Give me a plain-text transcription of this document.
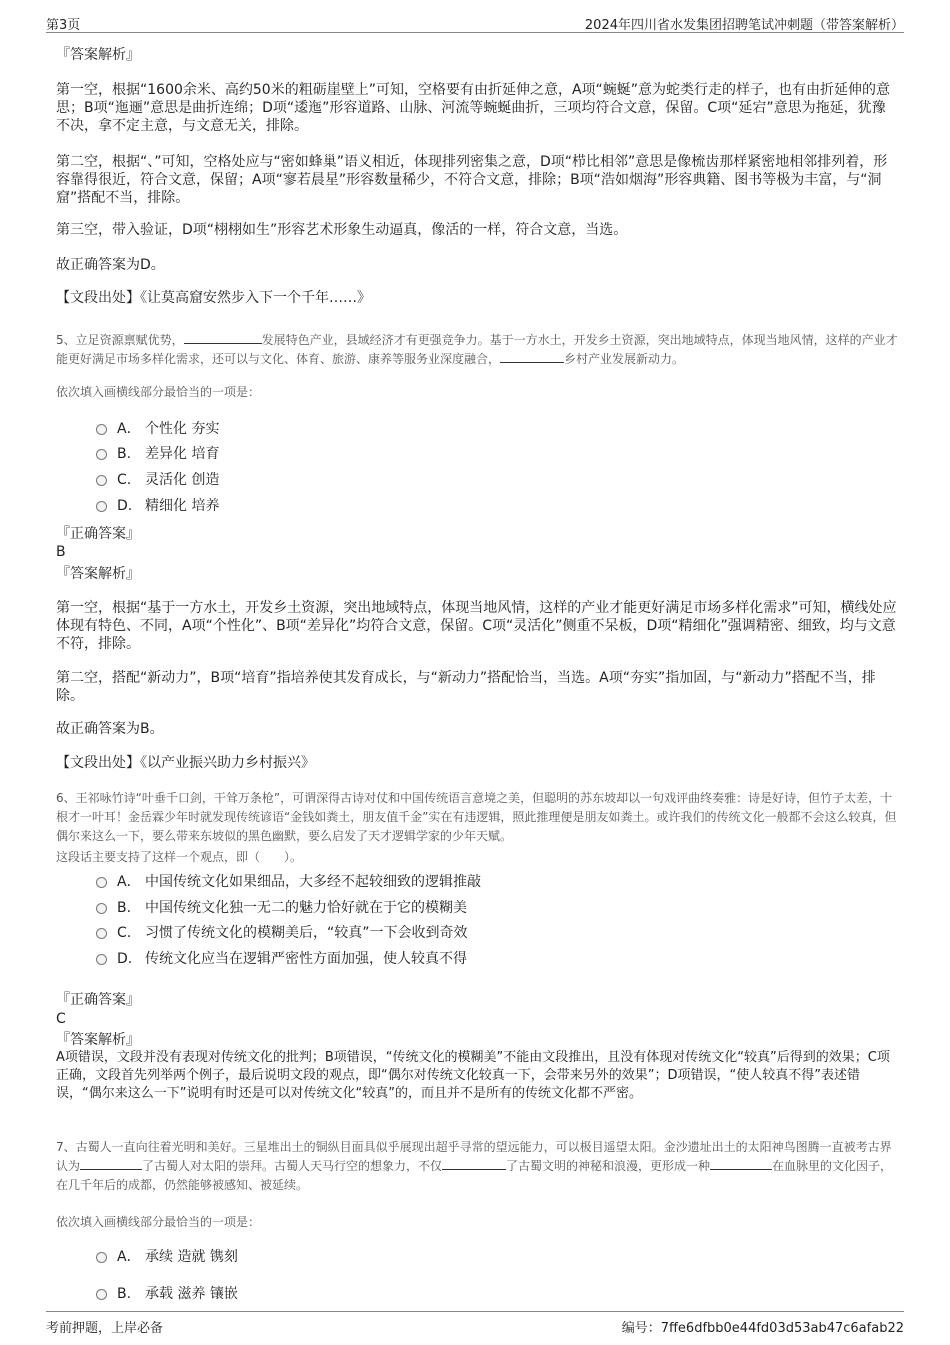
第3页	2024年四川省水发集团招聘笔试冲刺题（带答案解析）
『答案解析』
第一空，根据“1600余米、高约50米的粗砺崖壁上”可知，空格要有由折延伸之意，A项“蜿蜒”意为蛇类行走的样子，也有由折延伸的意思；B项“迤逦”意思是曲折连绵；D项“逶迤”形容道路、山脉、河流等蜿蜒曲折，三项均符合文意，保留。C项“延宕”意思为拖延，犹豫不决，拿不定主意，与文意无关，排除。
第二空，根据“、”可知，空格处应与“密如蜂巢”语义相近，体现排列密集之意，D项“栉比相邻”意思是像梳齿那样紧密地相邻排列着，形容靠得很近，符合文意，保留；A项“寥若晨星”形容数量稀少，不符合文意，排除；B项“浩如烟海”形容典籍、图书等极为丰富，与“洞窟”搭配不当，排除。
第三空，带入验证，D项“栩栩如生”形容艺术形象生动逼真，像活的一样，符合文意，当选。
故正确答案为D。
【文段出处】《让莫高窟安然步入下一个千年……》
5、立足资源禀赋优势，	发展特色产业，县域经济才有更强竞争力。基于一方水土，开发乡土资源，突出地域特点，体现当地风情，这样的产业才能更好满足市场多样化需求，还可以与文化、体育、旅游、康养等服务业深度融合，	乡村产业发展新动力。
依次填入画横线部分最恰当的一项是：
A． 个性化 夯实
B. 差异化 培育
C. 灵活化 创造
D. 精细化 培养
『正确答案』
B
『答案解析』
第一空，根据“基于一方水土，开发乡土资源，突出地域特点，体现当地风情，这样的产业才能更好满足市场多样化需求”可知，横线处应体现有特色、不同，A项“个性化”、B项“差异化”均符合文意，保留。C项“灵活化”侧重不呆板，D项“精细化”强调精密、细致，均与文意不符，排除。
第二空，搭配“新动力”，B项“培育”指培养使其发育成长，与“新动力”搭配恰当，当选。A项“夯实”指加固，与“新动力”搭配不当，排除。
故正确答案为B。
【文段出处】《以产业振兴助力乡村振兴》
6、王祁咏竹诗“叶垂千口剑，干耸万条枪”，可谓深得古诗对仗和中国传统语言意境之美，但聪明的苏东坡却以一句戏评曲终奏雅：诗是好诗，但竹子太差，十根才一叶耳！金岳霖少年时就发现传统谚语“金钱如粪土，朋友值千金”实在有违逻辑，照此推理便是朋友如粪土。或许我们的传统文化一般都不会这么较真，但偶尔来这么一下，要么带来东坡似的黑色幽默，要么启发了天才逻辑学家的少年天赋。
这段话主要支持了这样一个观点，即（　　）。
A． 中国传统文化如果细品，大多经不起较细致的逻辑推敲
B. 中国传统文化独一无二的魅力恰好就在于它的模糊美
C. 习惯了传统文化的模糊美后，“较真”一下会收到奇效
D. 传统文化应当在逻辑严密性方面加强，使人较真不得
『正确答案』
C
『答案解析』
A项错误，文段并没有表现对传统文化的批判；B项错误，“传统文化的模糊美”不能由文段推出，且没有体现对传统文化“较真”后得到的效果；C项正确，文段首先列举两个例子，最后说明文段的观点，即“偶尔对传统文化较真一下，会带来另外的效果”；D项错误，“使人较真不得”表述错误，“偶尔来这么一下”说明有时还是可以对传统文化“较真”的，而且并不是所有的传统文化都不严密。
7、古蜀人一直向往着光明和美好。三星堆出土的铜纵目面具似乎展现出超乎寻常的望远能力，可以极目遥望太阳。金沙遗址出土的太阳神鸟图腾一直被考古界认为	了古蜀人对太阳的崇拜。古蜀人天马行空的想象力，不仅	了古蜀文明的神秘和浪漫，更形成一种	在血脉里的文化因子，在几千年后的成都，仍然能够被感知、被延续。
依次填入画横线部分最恰当的一项是：
A． 承续 造就 镌刻
B. 承载 滋养 镶嵌
考前押题，上岸必备	编号：7ffe6dfbb0e44fd03d53ab47c6afab22
